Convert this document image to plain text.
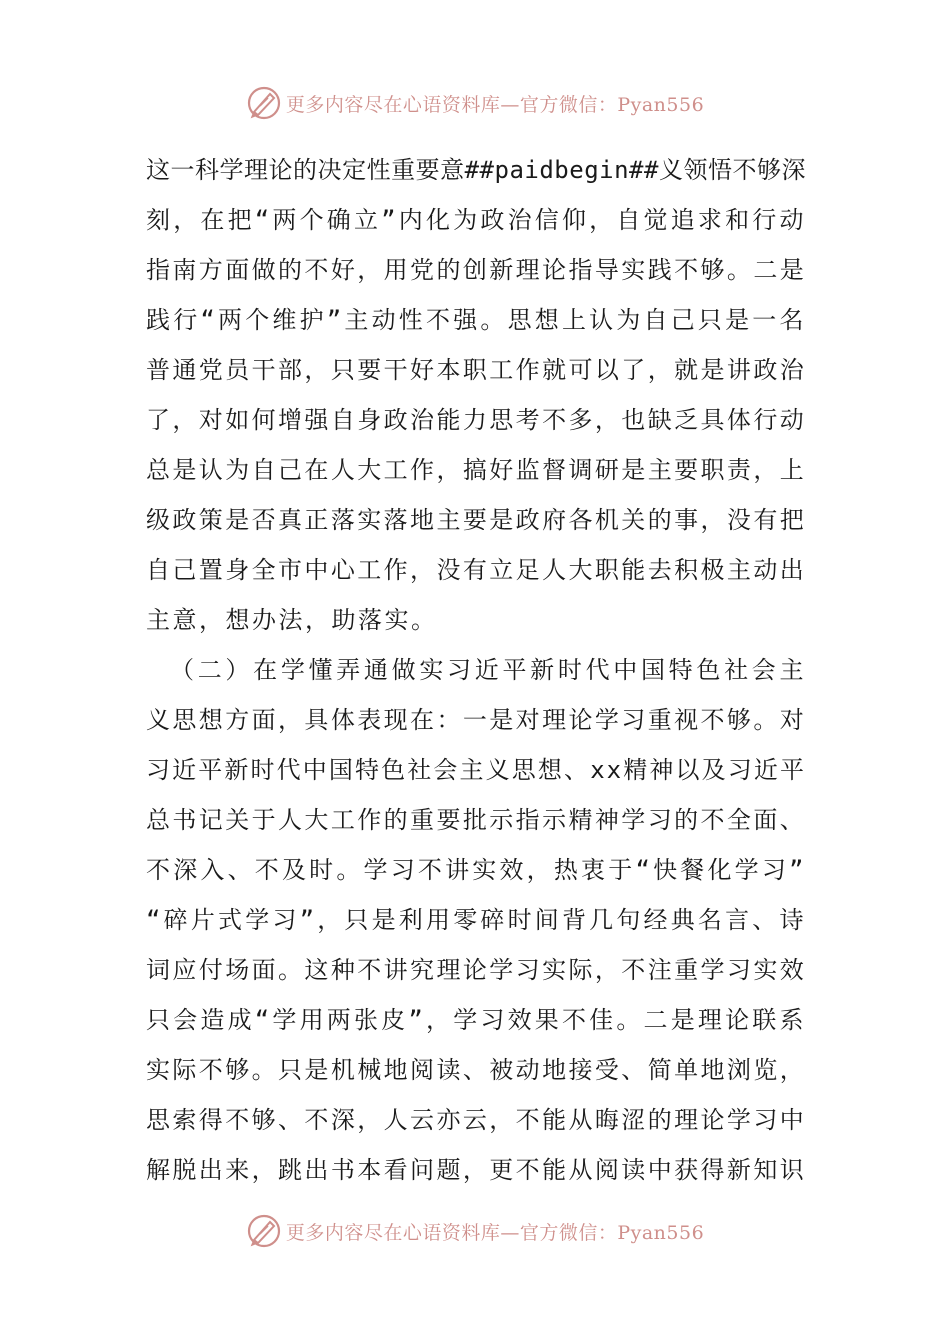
更多内容尽在心语资料库—官方微信：Pyan556

这一科学理论的决定性重要意##paidbegin##义领悟不够深
刻，在把“两个确立”内化为政治信仰，自觉追求和行动
指南方面做的不好，用党的创新理论指导实践不够。二是
践行“两个维护”主动性不强。思想上认为自己只是一名
普通党员干部，只要干好本职工作就可以了，就是讲政治
了，对如何增强自身政治能力思考不多，也缺乏具体行动
总是认为自己在人大工作，搞好监督调研是主要职责，上
级政策是否真正落实落地主要是政府各机关的事，没有把
自己置身全市中心工作，没有立足人大职能去积极主动出
主意，想办法，助落实。

（二）在学懂弄通做实习近平新时代中国特色社会主
义思想方面，具体表现在：一是对理论学习重视不够。对
习近平新时代中国特色社会主义思想、xx精神以及习近平
总书记关于人大工作的重要批示指示精神学习的不全面、
不深入、不及时。学习不讲实效，热衷于“快餐化学习”
“碎片式学习”，只是利用零碎时间背几句经典名言、诗
词应付场面。这种不讲究理论学习实际，不注重学习实效
只会造成“学用两张皮”，学习效果不佳。二是理论联系
实际不够。只是机械地阅读、被动地接受、简单地浏览，
思索得不够、不深，人云亦云，不能从晦涩的理论学习中
解脱出来，跳出书本看问题，更不能从阅读中获得新知识

更多内容尽在心语资料库—官方微信：Pyan556
